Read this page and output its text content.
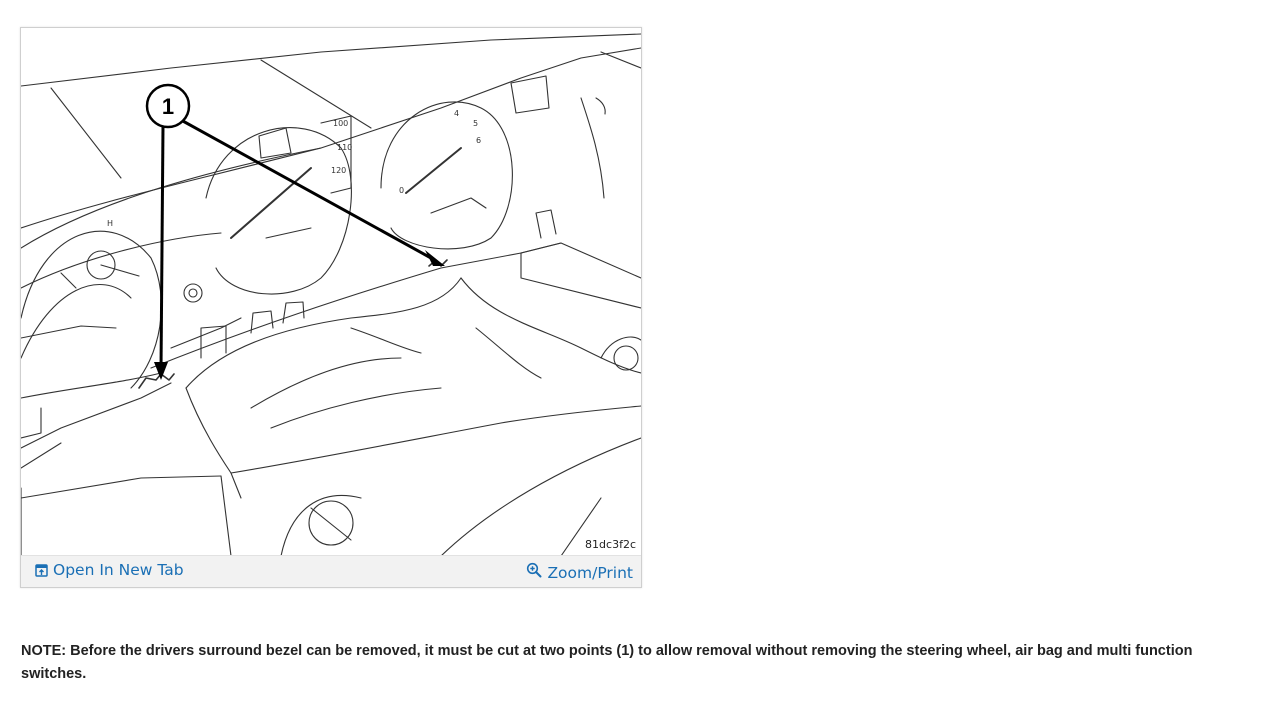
100
110
120
0
4
5
6
H
1
81dc3f2c
Open In New Tab	Zoom/Print

NOTE: Before the drivers surround bezel can be removed, it must be cut at two points (1) to allow removal without removing the steering wheel, air bag and multi function switches.
